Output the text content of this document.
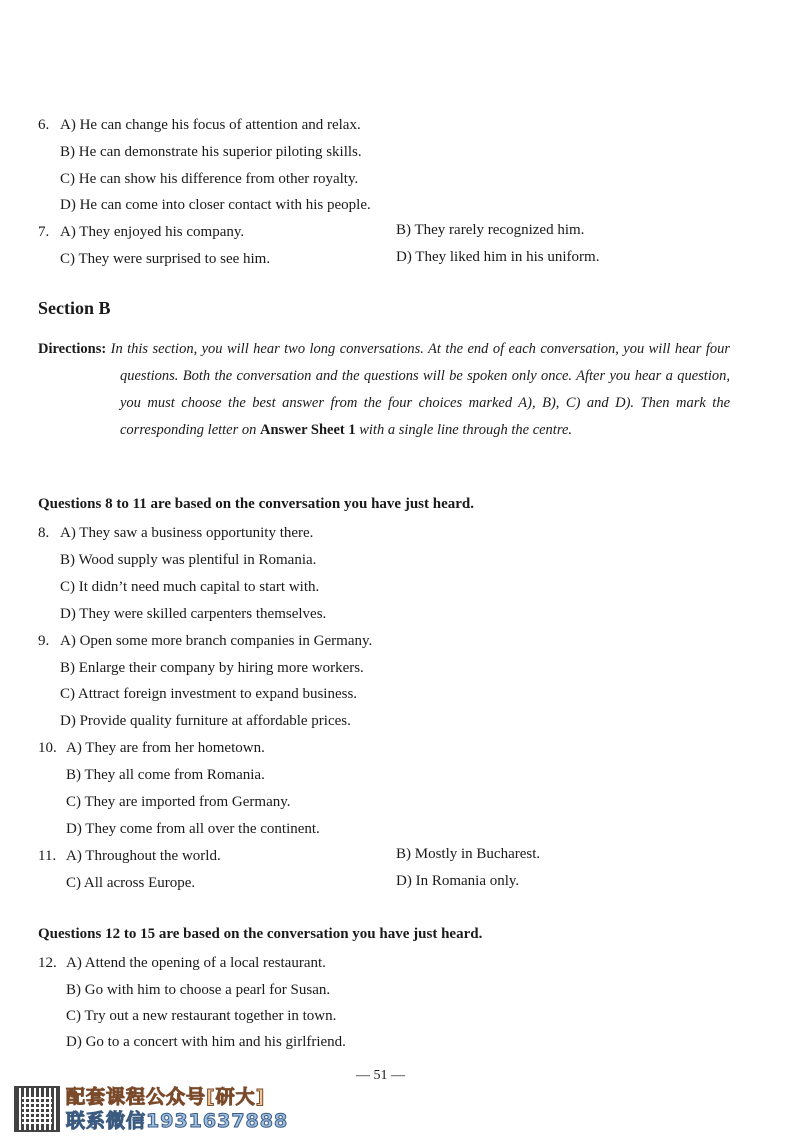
6. A) He can change his focus of attention and relax.
B) He can demonstrate his superior piloting skills.
C) He can show his difference from other royalty.
D) He can come into closer contact with his people.
7. A) They enjoyed his company.	B) They rarely recognized him.
C) They were surprised to see him.	D) They liked him in his uniform.
Section B
Directions: In this section, you will hear two long conversations. At the end of each conversation, you will hear four questions. Both the conversation and the questions will be spoken only once. After you hear a question, you must choose the best answer from the four choices marked A), B), C) and D). Then mark the corresponding letter on Answer Sheet 1 with a single line through the centre.
Questions 8 to 11 are based on the conversation you have just heard.
8. A) They saw a business opportunity there.
B) Wood supply was plentiful in Romania.
C) It didn’t need much capital to start with.
D) They were skilled carpenters themselves.
9. A) Open some more branch companies in Germany.
B) Enlarge their company by hiring more workers.
C) Attract foreign investment to expand business.
D) Provide quality furniture at affordable prices.
10. A) They are from her hometown.
B) They all come from Romania.
C) They are imported from Germany.
D) They come from all over the continent.
11. A) Throughout the world.	B) Mostly in Bucharest.
C) All across Europe.	D) In Romania only.
Questions 12 to 15 are based on the conversation you have just heard.
12. A) Attend the opening of a local restaurant.
B) Go with him to choose a pearl for Susan.
C) Try out a new restaurant together in town.
D) Go to a concert with him and his girlfriend.
— 51 —
配套课程公众号[研大]
联系微信1931637888
